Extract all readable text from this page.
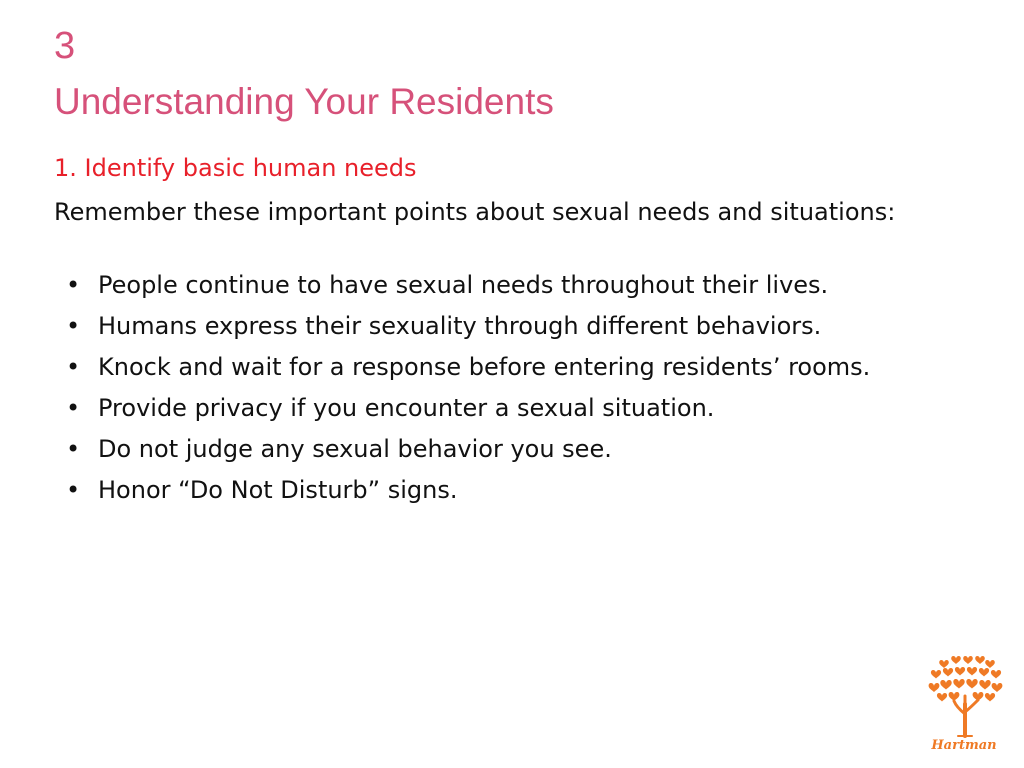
3
Understanding Your Residents
1. Identify basic human needs
Remember these important points about sexual needs and situations:
• People continue to have sexual needs throughout their lives.
• Humans express their sexuality through different behaviors.
• Knock and wait for a response before entering residents’ rooms.
• Provide privacy if you encounter a sexual situation.
• Do not judge any sexual behavior you see.
• Honor “Do Not Disturb” signs.
Hartman
